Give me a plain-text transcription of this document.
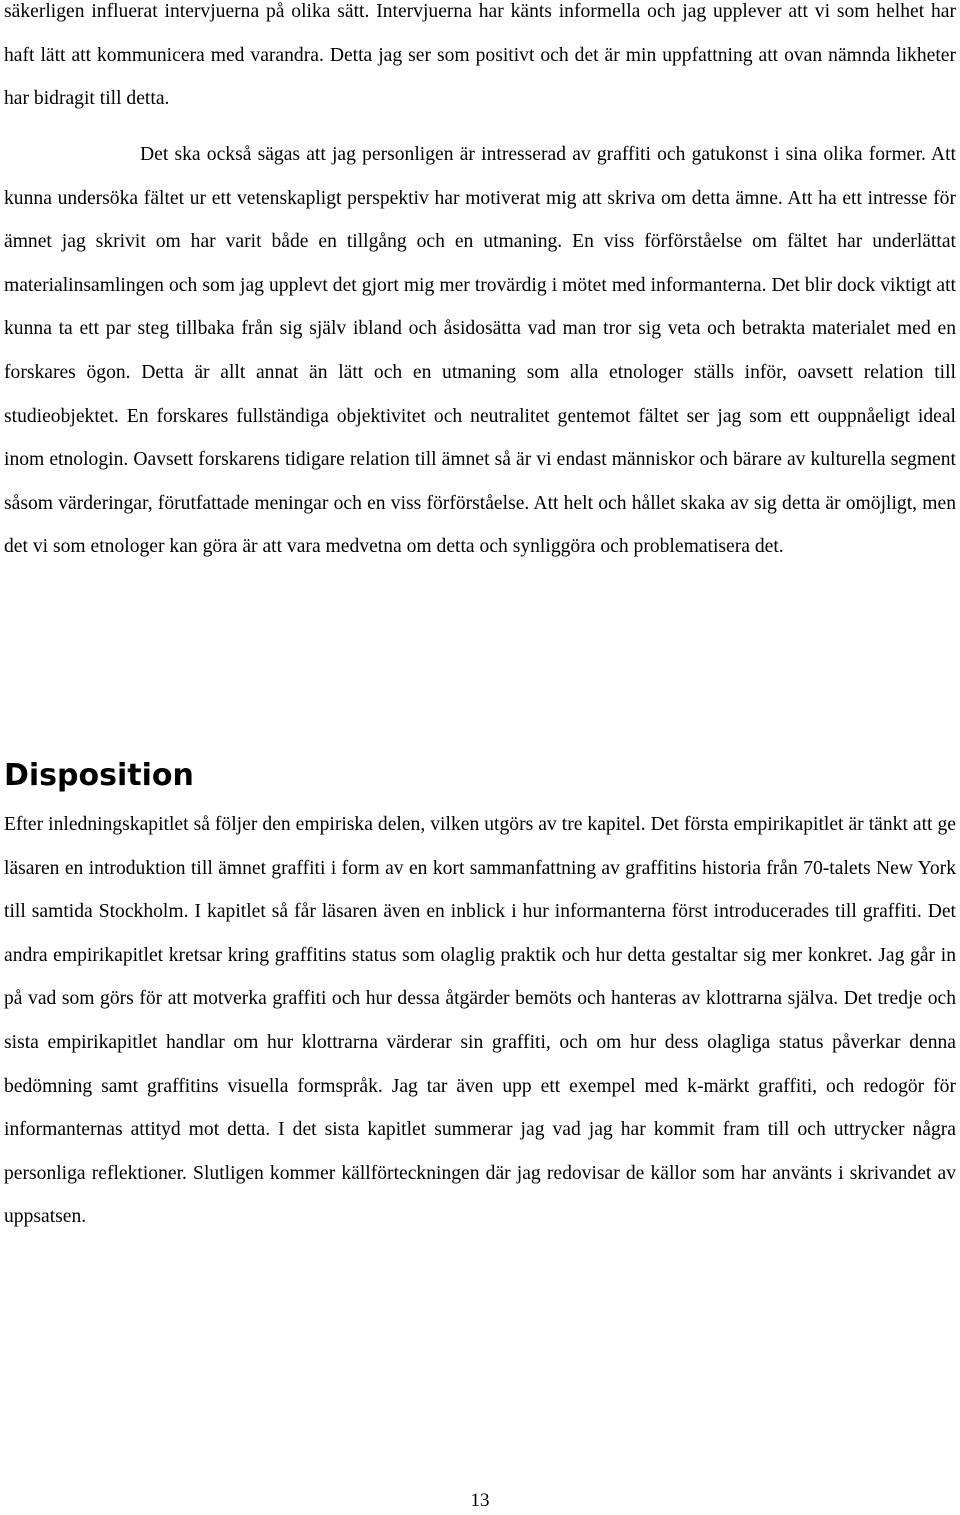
säkerligen influerat intervjuerna på olika sätt. Intervjuerna har känts informella och jag upplever att vi som helhet har haft lätt att kommunicera med varandra. Detta jag ser som positivt och det är min uppfattning att ovan nämnda likheter har bidragit till detta.

Det ska också sägas att jag personligen är intresserad av graffiti och gatukonst i sina olika former. Att kunna undersöka fältet ur ett vetenskapligt perspektiv har motiverat mig att skriva om detta ämne. Att ha ett intresse för ämnet jag skrivit om har varit både en tillgång och en utmaning. En viss förförståelse om fältet har underlättat materialinsamlingen och som jag upplevt det gjort mig mer trovärdig i mötet med informanterna. Det blir dock viktigt att kunna ta ett par steg tillbaka från sig själv ibland och åsidosätta vad man tror sig veta och betrakta materialet med en forskares ögon. Detta är allt annat än lätt och en utmaning som alla etnologer ställs inför, oavsett relation till studieobjektet. En forskares fullständiga objektivitet och neutralitet gentemot fältet ser jag som ett ouppnåeligt ideal inom etnologin. Oavsett forskarens tidigare relation till ämnet så är vi endast människor och bärare av kulturella segment såsom värderingar, förutfattade meningar och en viss förförståelse. Att helt och hållet skaka av sig detta är omöjligt, men det vi som etnologer kan göra är att vara medvetna om detta och synliggöra och problematisera det.

Disposition

Efter inledningskapitlet så följer den empiriska delen, vilken utgörs av tre kapitel. Det första empirikapitlet är tänkt att ge läsaren en introduktion till ämnet graffiti i form av en kort sammanfattning av graffitins historia från 70-talets New York till samtida Stockholm. I kapitlet så får läsaren även en inblick i hur informanterna först introducerades till graffiti. Det andra empirikapitlet kretsar kring graffitins status som olaglig praktik och hur detta gestaltar sig mer konkret. Jag går in på vad som görs för att motverka graffiti och hur dessa åtgärder bemöts och hanteras av klottrarna själva. Det tredje och sista empirikapitlet handlar om hur klottrarna värderar sin graffiti, och om hur dess olagliga status påverkar denna bedömning samt graffitins visuella formspråk. Jag tar även upp ett exempel med k-märkt graffiti, och redogör för informanternas attityd mot detta. I det sista kapitlet summerar jag vad jag har kommit fram till och uttrycker några personliga reflektioner. Slutligen kommer källförteckningen där jag redovisar de källor som har använts i skrivandet av uppsatsen.

13
